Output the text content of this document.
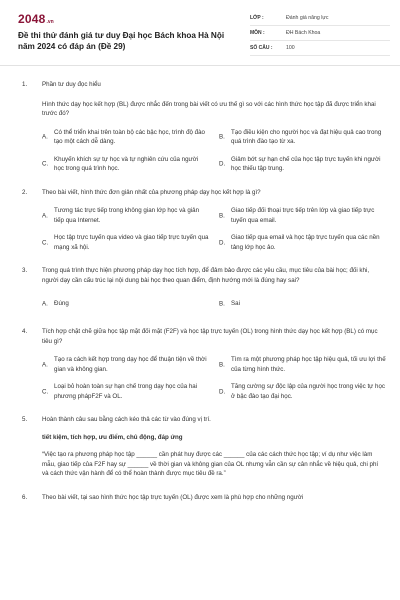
2048 .vn
Đề thi thử đánh giá tư duy Đại học Bách khoa Hà Nội năm 2024 có đáp án (Đề 29)
LỚP :	Đánh giá năng lực
MÔN :	ĐH Bách Khoa
SỐ CÂU :	100
1. Phần tư duy đọc hiểu
Hình thức dạy học kết hợp (BL) được nhắc đến trong bài viết có ưu thế gì so với các hình thức học tập đã được triển khai trước đó?
A.
Có thể triển khai trên toàn bộ các bậc học, trình độ đào tạo một cách dễ dàng.
B.
Tạo điều kiện cho người học và đạt hiệu quả cao trong quá trình đào tạo từ xa.
C.
Khuyến khích sự tự học và tự nghiên cứu của người học trong quá trình học.
D.
Giảm bớt sự hạn chế của học tập trực tuyến khi người học thiếu tập trung.
2. Theo bài viết, hình thức đơn giản nhất của phương pháp dạy học kết hợp là gì?
A.
Tương tác trực tiếp trong không gian lớp học và giản tiếp qua Internet.
B.
Giao tiếp đối thoại trực tiếp trên lớp và giao tiếp trực tuyến qua email.
C.
Học tập trực tuyến qua video và giao tiếp trực tuyến qua mạng xã hội.
D.
Giao tiếp qua email và học tập trực tuyến qua các nền tảng lớp học ảo.
3. Trong quá trình thực hiện phương pháp dạy học tích hợp, để đảm bảo được các yêu cầu, mục tiêu của bài học; đối khi, người dạy cần cấu trúc lại nội dung bài học theo quan điểm, định hướng mới là đúng hay sai?
A. Đúng	B. Sai
4. Tích hợp chặt chẽ giữa học tập mặt đối mặt (F2F) và học tập trực tuyến (OL) trong hình thức dạy học kết hợp (BL) có mục tiêu gì?
A.
Tạo ra cách kết hợp trong dạy học để thuận tiện về thời gian và không gian.
B.
Tìm ra một phương pháp học tập hiệu quả, tối ưu lợi thế của từng hình thức.
C.
Loại bỏ hoàn toàn sự hạn chế trong dạy học của hai phương phápF2F và OL.
D.
Tăng cường sự độc lập của người học trong việc tự học ở bậc đào tạo đại học.
5. Hoàn thành câu sau bằng cách kéo thả các từ vào đúng vị trí.
tiết kiệm, tích hợp, ưu điểm, chủ động, đáp ứng
“Việc tạo ra phương pháp học tập ______ cần phát huy được các ______ của các cách thức học tập; ví dụ như việc làm mẫu, giao tiếp của F2F hay sự ______ về thời gian và không gian của OL nhưng vẫn cần sự cân nhắc về hiệu quả, chi phí và cách thức vận hành để có thể hoàn thành được mục tiêu đề ra.”
6. Theo bài viết, tại sao hình thức học tập trực tuyến (OL) được xem là phù hợp cho những người
